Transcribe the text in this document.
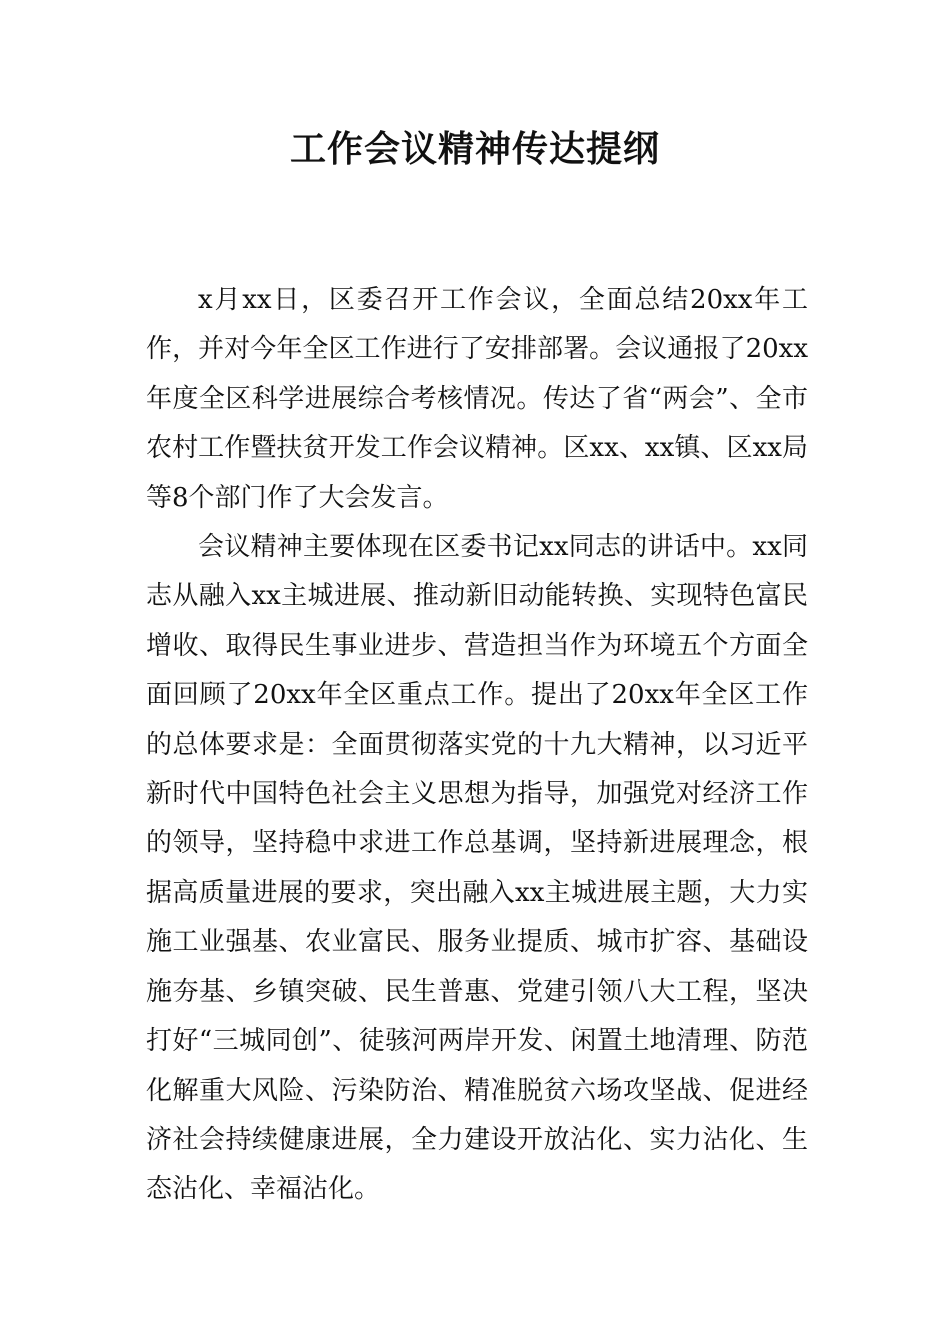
工作会议精神传达提纲

x月xx日，区委召开工作会议，全面总结20xx年工作，并对今年全区工作进行了安排部署。会议通报了20xx年度全区科学进展综合考核情况。传达了省“两会”、全市农村工作暨扶贫开发工作会议精神。区xx、xx镇、区xx局等8个部门作了大会发言。

会议精神主要体现在区委书记xx同志的讲话中。xx同志从融入xx主城进展、推动新旧动能转换、实现特色富民增收、取得民生事业进步、营造担当作为环境五个方面全面回顾了20xx年全区重点工作。提出了20xx年全区工作的总体要求是：全面贯彻落实党的十九大精神，以习近平新时代中国特色社会主义思想为指导，加强党对经济工作的领导，坚持稳中求进工作总基调，坚持新进展理念，根据高质量进展的要求，突出融入xx主城进展主题，大力实施工业强基、农业富民、服务业提质、城市扩容、基础设施夯基、乡镇突破、民生普惠、党建引领八大工程，坚决打好“三城同创”、徒骇河两岸开发、闲置土地清理、防范化解重大风险、污染防治、精准脱贫六场攻坚战、促进经济社会持续健康进展，全力建设开放沾化、实力沾化、生态沾化、幸福沾化。
